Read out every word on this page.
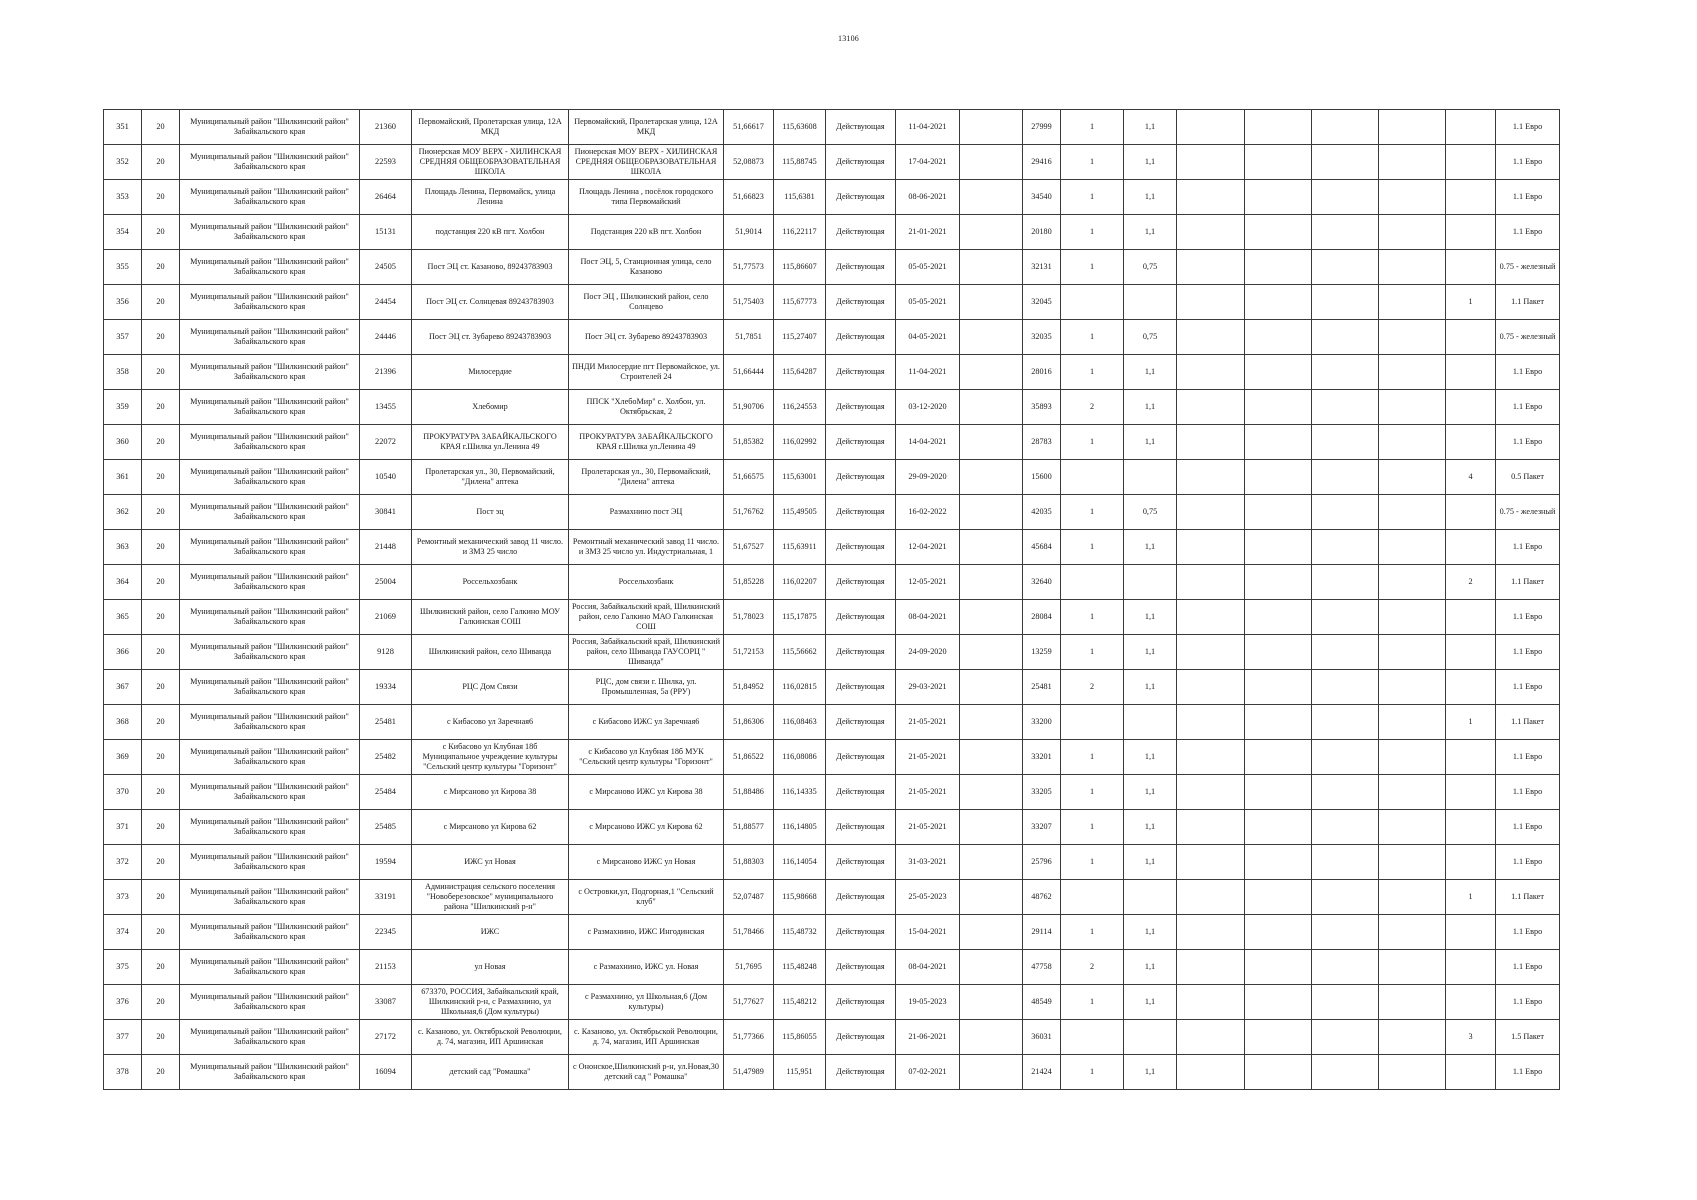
13106
351	20	Муниципальный район "Шилкинский район" Забайкальского края	21360	Первомайский, Пролетарская улица, 12А МКД	Первомайский, Пролетарская улица, 12А МКД	51,66617	115,63608	Действующая	11-04-2021		27999	1	1,1						1.1 Евро

352	20	Муниципальный район "Шилкинский район" Забайкальского края	22593	Пионерская МОУ ВЕРХ - ХИЛИНСКАЯ СРЕДНЯЯ ОБЩЕОБРАЗОВАТЕЛЬНАЯ ШКОЛА	Пионерская МОУ ВЕРХ - ХИЛИНСКАЯ СРЕДНЯЯ ОБЩЕОБРАЗОВАТЕЛЬНАЯ ШКОЛА	52,08873	115,88745	Действующая	17-04-2021		29416	1	1,1						1.1 Евро

353	20	Муниципальный район "Шилкинский район" Забайкальского края	26464	Площадь Ленина, Первомайск, улица Ленина	Площадь Ленина , посёлок городского типа Первомайский	51,66823	115,6381	Действующая	08-06-2021		34540	1	1,1						1.1 Евро

354	20	Муниципальный район "Шилкинский район" Забайкальского края	15131	подстанция 220 кВ пгт. Холбон	Подстанция 220 кВ пгт. Холбон	51,9014	116,22117	Действующая	21-01-2021		20180	1	1,1						1.1 Евро

355	20	Муниципальный район "Шилкинский район" Забайкальского края	24505	Пост ЭЦ ст. Казаново, 89243783903	Пост ЭЦ, 5, Станционная улица, село Казаново	51,77573	115,86607	Действующая	05-05-2021		32131	1	0,75						0.75 - железный

356	20	Муниципальный район "Шилкинский район" Забайкальского края	24454	Пост ЭЦ ст. Солнцевая 89243783903	Пост ЭЦ , Шилкинский район, село Солнцево	51,75403	115,67773	Действующая	05-05-2021		32045							1	1.1 Пакет

357	20	Муниципальный район "Шилкинский район" Забайкальского края	24446	Пост ЭЦ ст. Зубарево 89243783903	Пост ЭЦ ст. Зубарево 89243783903	51,7851	115,27407	Действующая	04-05-2021		32035	1	0,75						0.75 - железный

358	20	Муниципальный район "Шилкинский район" Забайкальского края	21396	Милосердие	ПНДИ Милосердие пгт Первомайское, ул. Строителей 24	51,66444	115,64287	Действующая	11-04-2021		28016	1	1,1						1.1 Евро

359	20	Муниципальный район "Шилкинский район" Забайкальского края	13455	Хлебомир	ППСК "ХлебоМир" с. Холбон, ул. Октябрьская, 2	51,90706	116,24553	Действующая	03-12-2020		35893	2	1,1						1.1 Евро

360	20	Муниципальный район "Шилкинский район" Забайкальского края	22072	ПРОКУРАТУРА ЗАБАЙКАЛЬСКОГО КРАЯ г.Шилка ул.Ленина 49	ПРОКУРАТУРА ЗАБАЙКАЛЬСКОГО КРАЯ г.Шилка ул.Ленина 49	51,85382	116,02992	Действующая	14-04-2021		28783	1	1,1						1.1 Евро

361	20	Муниципальный район "Шилкинский район" Забайкальского края	10540	Пролетарская ул., 30, Первомайский, "Дилена" аптека	Пролетарская ул., 30, Первомайский, "Дилена" аптека	51,66575	115,63001	Действующая	29-09-2020		15600							4	0.5 Пакет

362	20	Муниципальный район "Шилкинский район" Забайкальского края	30841	Пост эц	Размахнино пост ЭЦ	51,76762	115,49505	Действующая	16-02-2022		42035	1	0,75						0.75 - железный

363	20	Муниципальный район "Шилкинский район" Забайкальского края	21448	Ремонтный механический завод 11 число. и ЗМЗ 25 число	Ремонтный механический завод 11 число. и ЗМЗ 25 число ул. Индустриальная, 1	51,67527	115,63911	Действующая	12-04-2021		45684	1	1,1						1.1 Евро

364	20	Муниципальный район "Шилкинский район" Забайкальского края	25004	Россельхозбанк	Россельхозбанк	51,85228	116,02207	Действующая	12-05-2021		32640							2	1.1 Пакет

365	20	Муниципальный район "Шилкинский район" Забайкальского края	21069	Шилкинский район, село Галкино МОУ Галкинская СОШ	Россия, Забайкальский край, Шилкинский район, село Галкино МАО Галкинская СОШ	51,78023	115,17875	Действующая	08-04-2021		28084	1	1,1						1.1 Евро

366	20	Муниципальный район "Шилкинский район" Забайкальского края	9128	Шилкинский район, село Шиванда	Россия, Забайкальский край, Шилкинский район, село Шиванда ГАУСОРЦ " Шиванда"	51,72153	115,56662	Действующая	24-09-2020		13259	1	1,1						1.1 Евро

367	20	Муниципальный район "Шилкинский район" Забайкальского края	19334	РЦС Дом Связи	РЦС, дом связи г. Шилка, ул. Промышленная, 5а (РРУ)	51,84952	116,02815	Действующая	29-03-2021		25481	2	1,1						1.1 Евро

368	20	Муниципальный район "Шилкинский район" Забайкальского края	25481	с Кибасово ул Заречная6	с Кибасово ИЖС ул Заречная6	51,86306	116,08463	Действующая	21-05-2021		33200							1	1.1 Пакет

369	20	Муниципальный район "Шилкинский район" Забайкальского края	25482	с Кибасово ул Клубная 18б Муниципальное учреждение культуры "Сельский центр культуры "Горизонт"	с Кибасово ул Клубная 18б МУК "Сельский центр культуры "Горизонт"	51,86522	116,08086	Действующая	21-05-2021		33201	1	1,1						1.1 Евро

370	20	Муниципальный район "Шилкинский район" Забайкальского края	25484	с Мирсаново ул Кирова 38	с Мирсаново ИЖС ул Кирова 38	51,88486	116,14335	Действующая	21-05-2021		33205	1	1,1						1.1 Евро

371	20	Муниципальный район "Шилкинский район" Забайкальского края	25485	с Мирсаново ул Кирова 62	с Мирсаново ИЖС ул Кирова 62	51,88577	116,14805	Действующая	21-05-2021		33207	1	1,1						1.1 Евро

372	20	Муниципальный район "Шилкинский район" Забайкальского края	19594	ИЖС ул Новая	с Мирсаново ИЖС ул Новая	51,88303	116,14054	Действующая	31-03-2021		25796	1	1,1						1.1 Евро

373	20	Муниципальный район "Шилкинский район" Забайкальского края	33191	Администрация сельского поселения "Новоберезовское" муниципального района "Шилкинский р-н"	с Островки,ул, Подгорная,1 "Сельский клуб"	52,07487	115,98668	Действующая	25-05-2023		48762							1	1.1 Пакет

374	20	Муниципальный район "Шилкинский район" Забайкальского края	22345	ИЖС	с Размахнино, ИЖС Ингодинская	51,78466	115,48732	Действующая	15-04-2021		29114	1	1,1						1.1 Евро

375	20	Муниципальный район "Шилкинский район" Забайкальского края	21153	ул Новая	с Размахнино, ИЖС ул. Новая	51,7695	115,48248	Действующая	08-04-2021		47758	2	1,1						1.1 Евро

376	20	Муниципальный район "Шилкинский район" Забайкальского края	33087	673370, РОССИЯ, Забайкальский край, Шилкинский р-н, с Размахнино, ул Школьная,6 (Дом культуры)	с Размахнино, ул Школьная,6 (Дом культуры)	51,77627	115,48212	Действующая	19-05-2023		48549	1	1,1						1.1 Евро

377	20	Муниципальный район "Шилкинский район" Забайкальского края	27172	с. Казаново, ул. Октябрьской Революции, д. 74, магазин, ИП Аршинская	с. Казаново, ул. Октябрьской Революции, д. 74, магазин, ИП Аршинская	51,77366	115,86055	Действующая	21-06-2021		36031							3	1.5 Пакет

378	20	Муниципальный район "Шилкинский район" Забайкальского края	16094	детский сад "Ромашка"	с Ононское,Шилкинский р-н, ул.Новая,30 детский сад " Ромашка"	51,47989	115,951	Действующая	07-02-2021		21424	1	1,1						1.1 Евро
